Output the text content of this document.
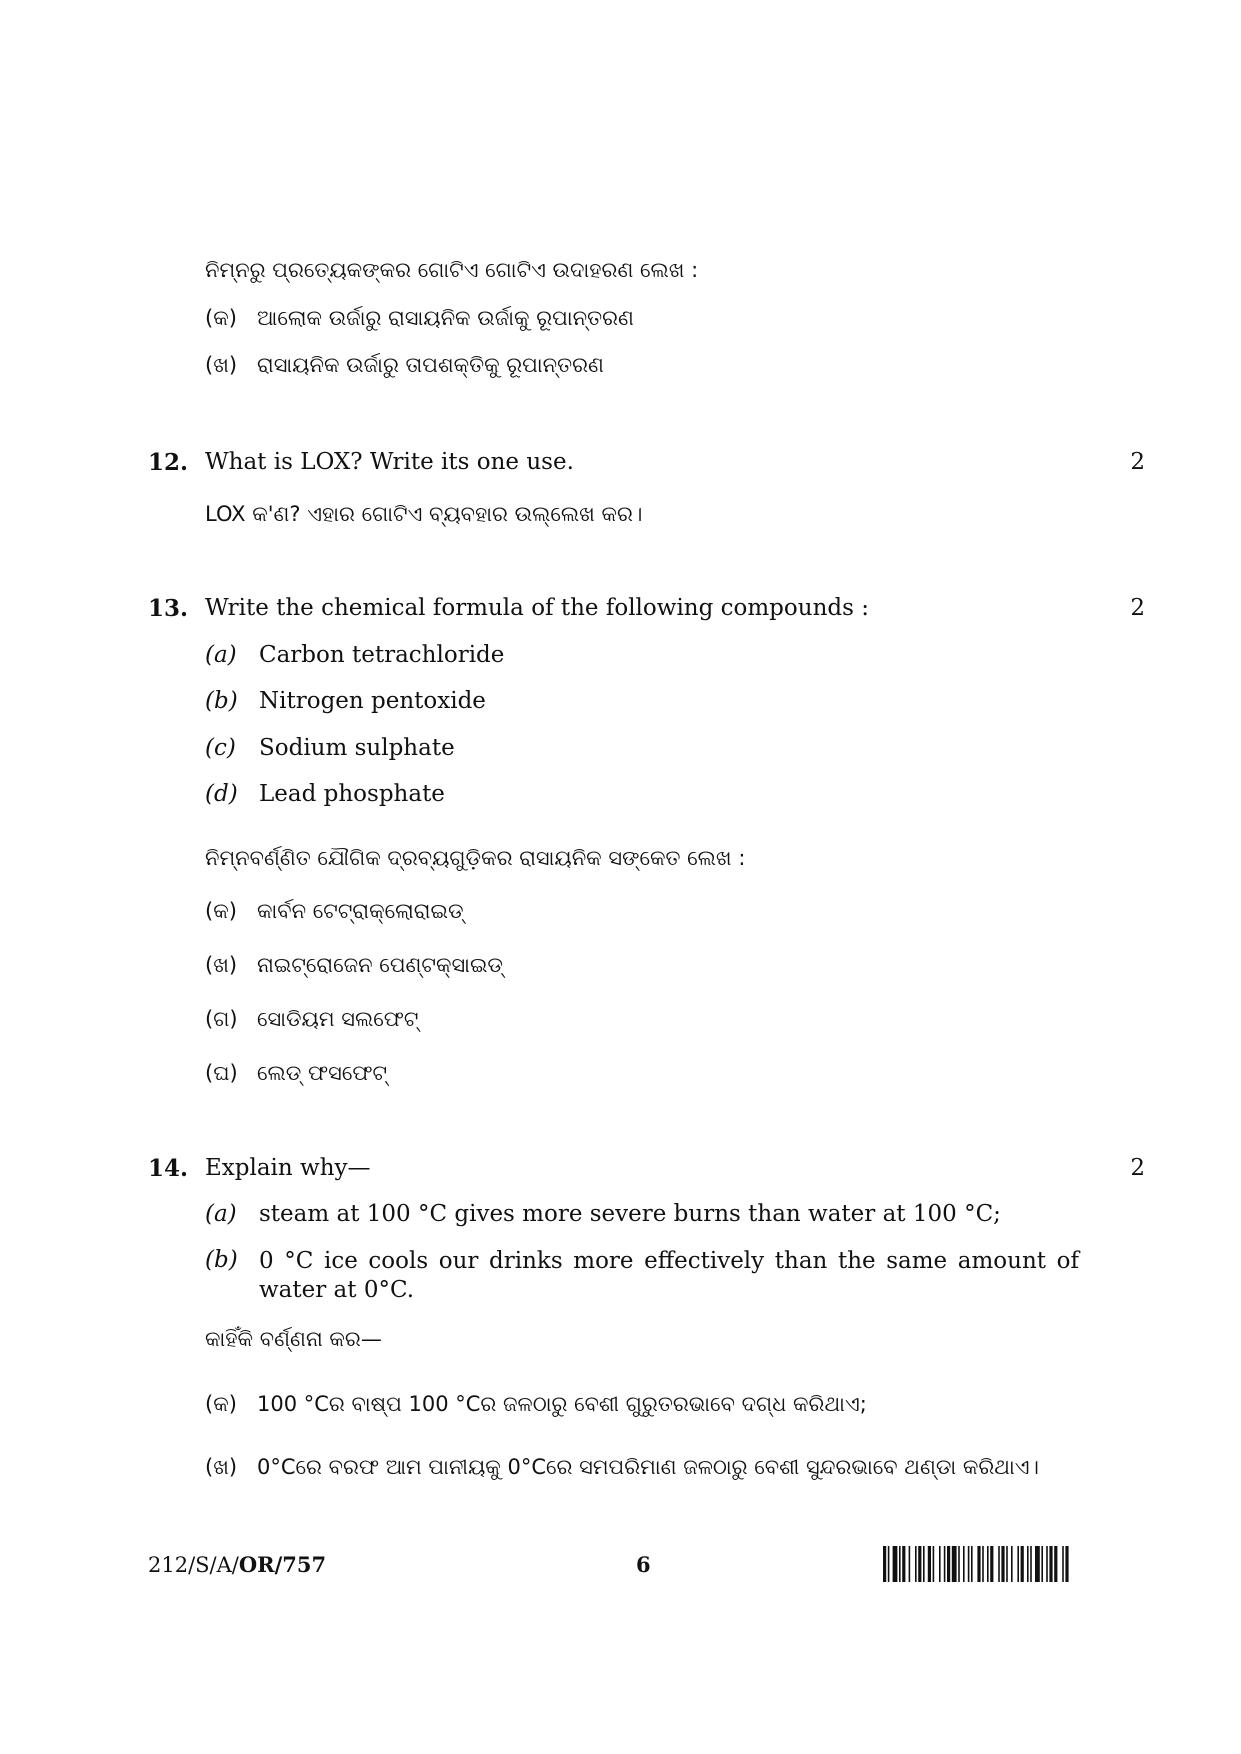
ନିମ୍ନରୁ ପ୍ରତ୍ୟେକଙ୍କର ଗୋଟିଏ ଗୋଟିଏ ଉଦାହରଣ ଲେଖ :
(କ) ଆଲୋକ ଉର୍ଜାରୁ ରାସାୟନିକ ଉର୍ଜାକୁ ରୂପାନ୍ତରଣ
(ଖ) ରାସାୟନିକ ଉର୍ଜାରୁ ତାପଶକ୍ତିକୁ ରୂପାନ୍ତରଣ
12. What is LOX? Write its one use.	2
LOX କ'ଣ? ଏହାର ଗୋଟିଏ ବ୍ୟବହାର ଉଲ୍ଲେଖ କର।
13. Write the chemical formula of the following compounds :	2
(a) Carbon tetrachloride
(b) Nitrogen pentoxide
(c) Sodium sulphate
(d) Lead phosphate
ନିମ୍ନବର୍ଣ୍ଣିତ ଯୌଗିକ ଦ୍ରବ୍ୟଗୁଡ଼ିକର ରାସାୟନିକ ସଙ୍କେତ ଲେଖ :
(କ) କାର୍ବନ ଟେଟ୍ରାକ୍ଲୋରାଇଡ୍
(ଖ) ନାଇଟ୍ରୋଜେନ ପେଣ୍ଟକ୍ସାଇଡ୍
(ଗ) ସୋଡିୟମ ସଲଫେଟ୍
(ଘ) ଲେଡ୍ ଫସଫେଟ୍
14. Explain why—	2
(a) steam at 100 °C gives more severe burns than water at 100 °C;
(b) 0 °C ice cools our drinks more effectively than the same amount of water at 0°C.
କାହିଁକି ବର୍ଣ୍ଣନା କର—
(କ) 100 °Cର ବାଷ୍ପ 100 °Cର ଜଳଠାରୁ ବେଶୀ ଗୁରୁତରଭାବେ ଦଗ୍ଧ କରିଥାଏ;
(ଖ) 0°Cରେ ବରଫ ଆମ ପାନୀୟକୁ 0°Cରେ ସମପରିମାଣ ଜଳଠାରୁ ବେଶୀ ସୁନ୍ଦରଭାବେ ଥଣ୍ଡା କରିଥାଏ।
212/S/A/OR/757	6
